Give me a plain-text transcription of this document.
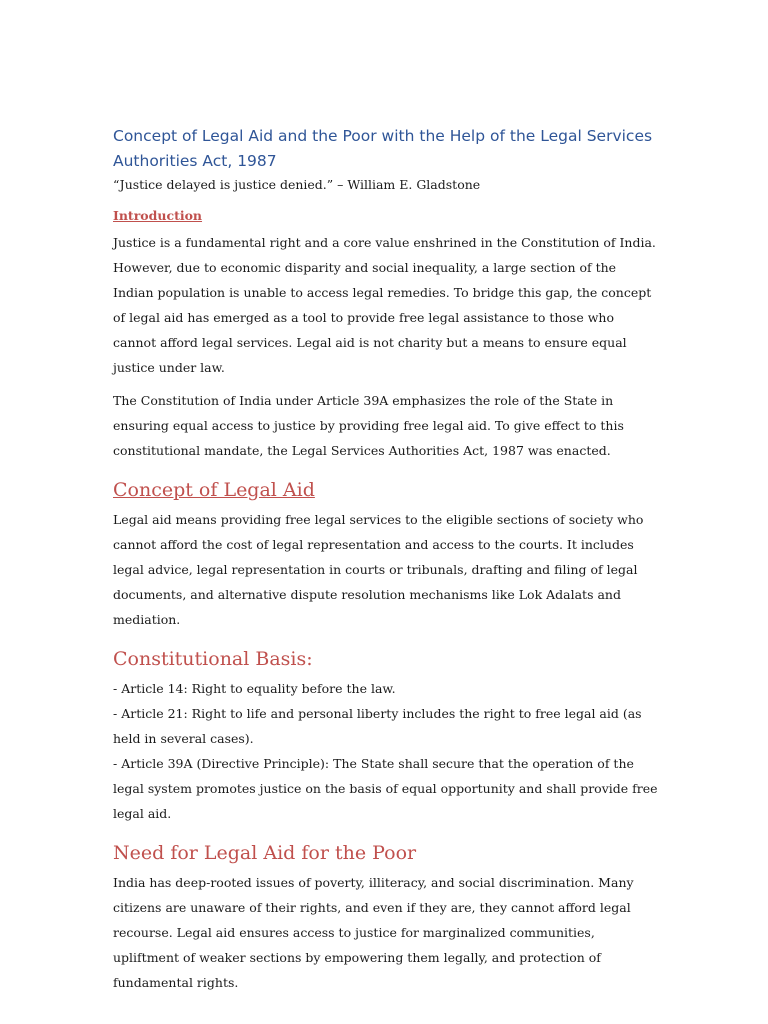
Concept of Legal Aid and the Poor with the Help of the Legal Services Authorities Act, 1987
“Justice delayed is justice denied.” – William E. Gladstone
Introduction

Justice is a fundamental right and a core value enshrined in the Constitution of India. However, due to economic disparity and social inequality, a large section of the Indian population is unable to access legal remedies. To bridge this gap, the concept of legal aid has emerged as a tool to provide free legal assistance to those who cannot afford legal services. Legal aid is not charity but a means to ensure equal justice under law.

The Constitution of India under Article 39A emphasizes the role of the State in ensuring equal access to justice by providing free legal aid. To give effect to this constitutional mandate, the Legal Services Authorities Act, 1987 was enacted.

Concept of Legal Aid

Legal aid means providing free legal services to the eligible sections of society who cannot afford the cost of legal representation and access to the courts. It includes legal advice, legal representation in courts or tribunals, drafting and filing of legal documents, and alternative dispute resolution mechanisms like Lok Adalats and mediation.

Constitutional Basis:
- Article 14: Right to equality before the law.
- Article 21: Right to life and personal liberty includes the right to free legal aid (as held in several cases).
- Article 39A (Directive Principle): The State shall secure that the operation of the legal system promotes justice on the basis of equal opportunity and shall provide free legal aid.
Need for Legal Aid for the Poor

India has deep-rooted issues of poverty, illiteracy, and social discrimination. Many citizens are unaware of their rights, and even if they are, they cannot afford legal recourse. Legal aid ensures access to justice for marginalized communities, upliftment of weaker sections by empowering them legally, and protection of fundamental rights.
